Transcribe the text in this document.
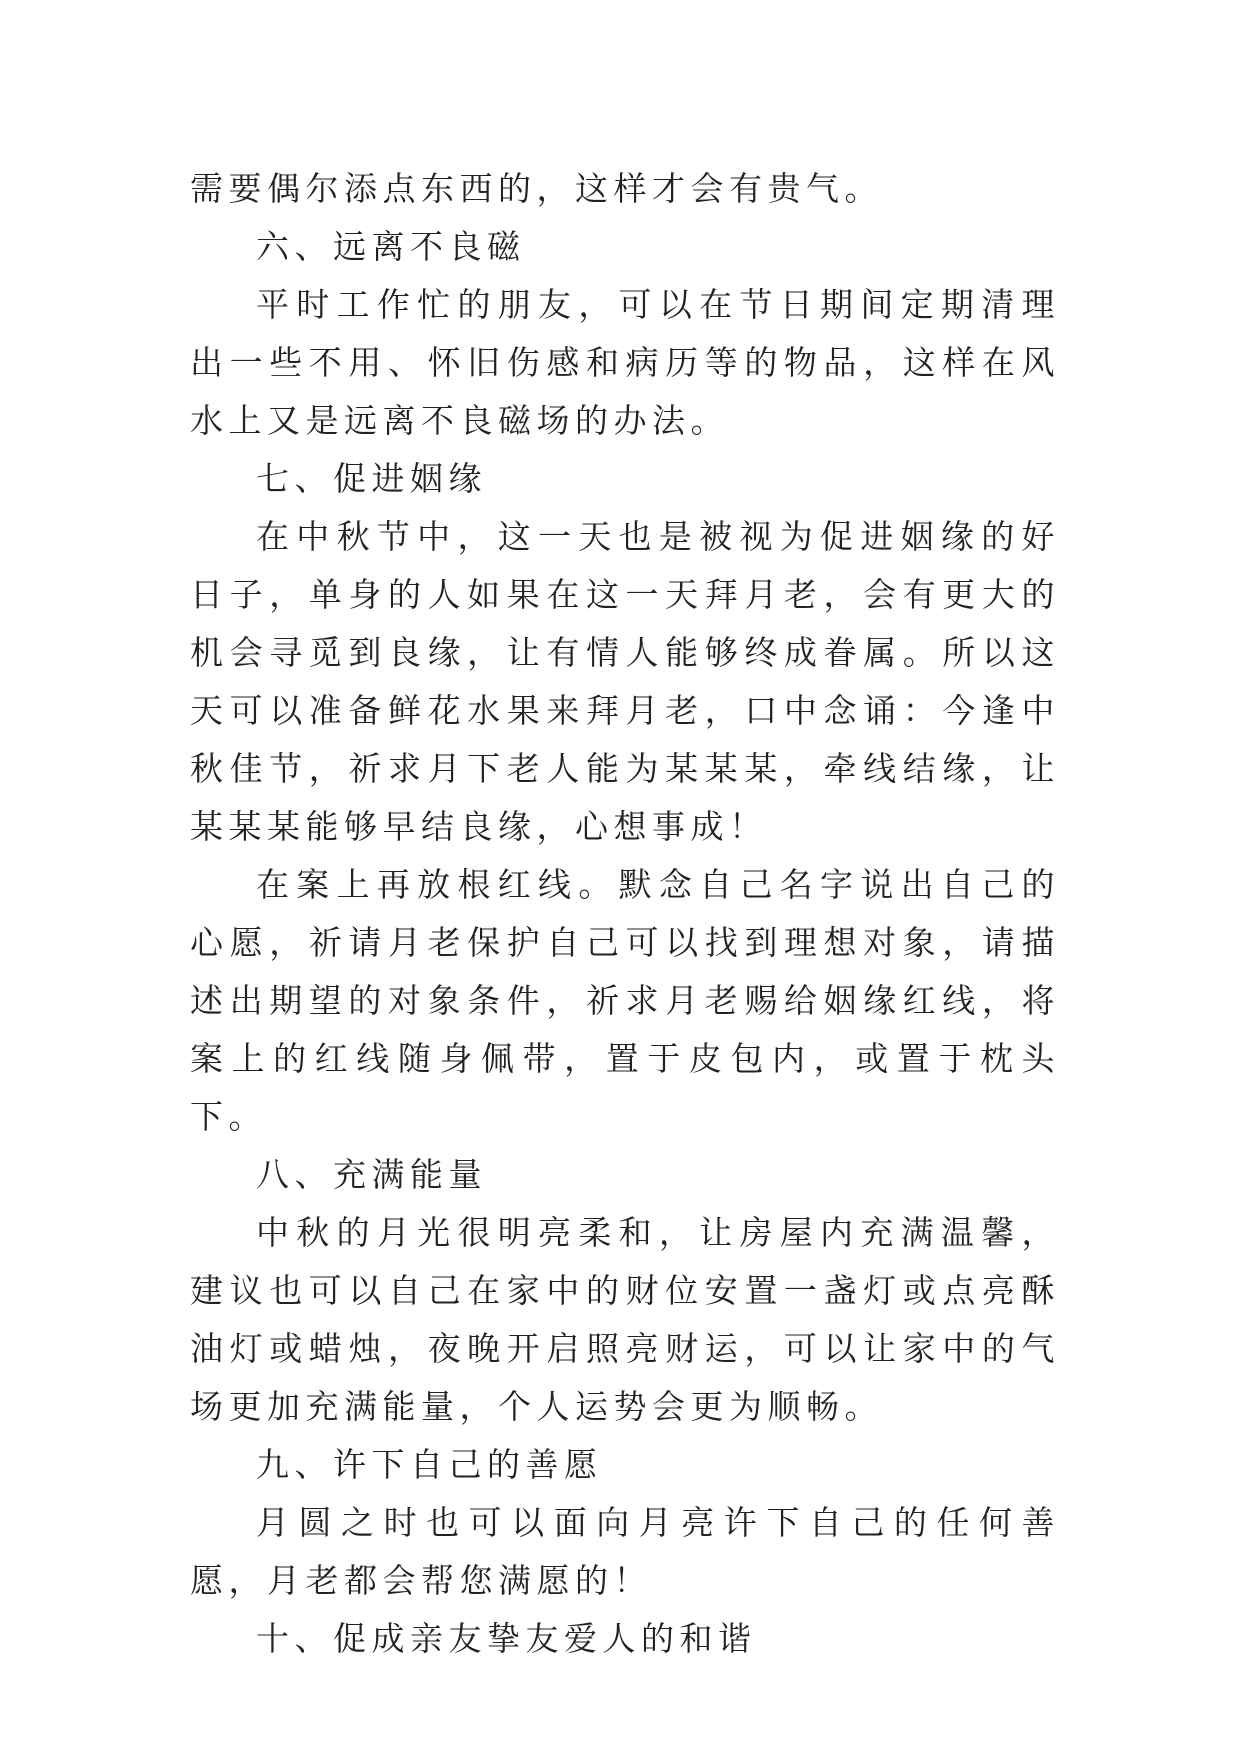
需要偶尔添点东西的，这样才会有贵气。

六、远离不良磁

平时工作忙的朋友，可以在节日期间定期清理出一些不用、怀旧伤感和病历等的物品，这样在风水上又是远离不良磁场的办法。

七、促进姻缘

在中秋节中，这一天也是被视为促进姻缘的好日子，单身的人如果在这一天拜月老，会有更大的机会寻觅到良缘，让有情人能够终成眷属。所以这天可以准备鲜花水果来拜月老，口中念诵：今逢中秋佳节，祈求月下老人能为某某某，牵线结缘，让某某某能够早结良缘，心想事成！

在案上再放根红线。默念自己名字说出自己的心愿，祈请月老保护自己可以找到理想对象，请描述出期望的对象条件，祈求月老赐给姻缘红线，将案上的红线随身佩带，置于皮包内，或置于枕头下。

八、充满能量

中秋的月光很明亮柔和，让房屋内充满温馨，建议也可以自己在家中的财位安置一盏灯或点亮酥油灯或蜡烛，夜晚开启照亮财运，可以让家中的气场更加充满能量，个人运势会更为顺畅。

九、许下自己的善愿

月圆之时也可以面向月亮许下自己的任何善愿，月老都会帮您满愿的！

十、促成亲友挚友爱人的和谐
